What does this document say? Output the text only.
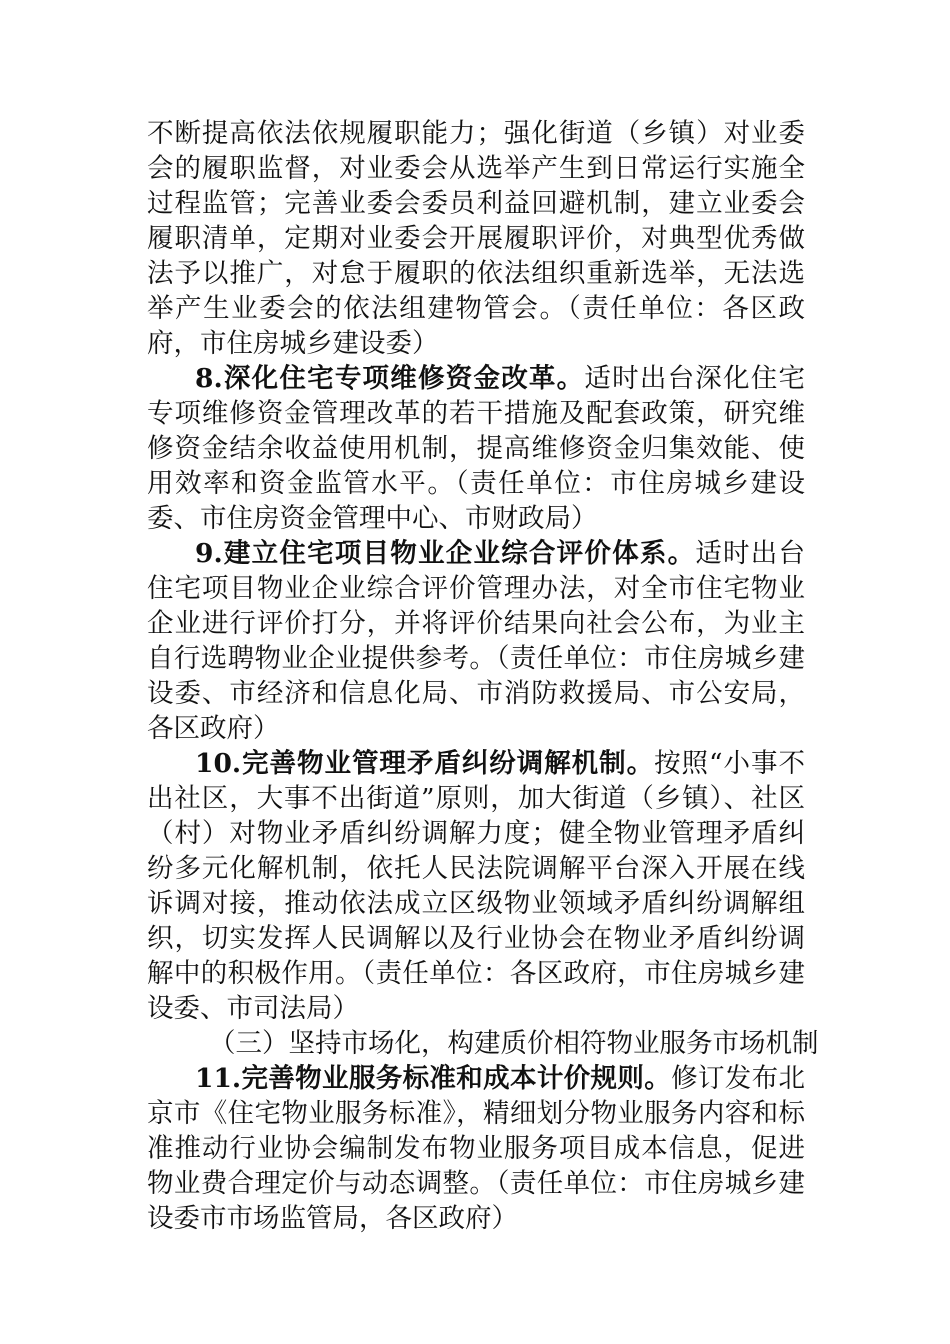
不断提高依法依规履职能力；强化街道（乡镇）对业委会的履职监督，对业委会从选举产生到日常运行实施全过程监管；完善业委会委员利益回避机制，建立业委会履职清单，定期对业委会开展履职评价，对典型优秀做法予以推广，对怠于履职的依法组织重新选举，无法选举产生业委会的依法组建物管会。（责任单位：各区政府，市住房城乡建设委）

8.深化住宅专项维修资金改革。适时出台深化住宅专项维修资金管理改革的若干措施及配套政策，研究维修资金结余收益使用机制，提高维修资金归集效能、使用效率和资金监管水平。（责任单位：市住房城乡建设委、市住房资金管理中心、市财政局）

9.建立住宅项目物业企业综合评价体系。适时出台住宅项目物业企业综合评价管理办法，对全市住宅物业企业进行评价打分，并将评价结果向社会公布，为业主自行选聘物业企业提供参考。（责任单位：市住房城乡建设委、市经济和信息化局、市消防救援局、市公安局，各区政府）

10.完善物业管理矛盾纠纷调解机制。按照“小事不出社区，大事不出街道”原则，加大街道（乡镇）、社区（村）对物业矛盾纠纷调解力度；健全物业管理矛盾纠纷多元化解机制，依托人民法院调解平台深入开展在线诉调对接，推动依法成立区级物业领域矛盾纠纷调解组织，切实发挥人民调解以及行业协会在物业矛盾纠纷调解中的积极作用。（责任单位：各区政府，市住房城乡建设委、市司法局）

（三）坚持市场化，构建质价相符物业服务市场机制

11.完善物业服务标准和成本计价规则。修订发布北京市《住宅物业服务标准》，精细划分物业服务内容和标准推动行业协会编制发布物业服务项目成本信息，促进物业费合理定价与动态调整。（责任单位：市住房城乡建设委市市场监管局，各区政府）
